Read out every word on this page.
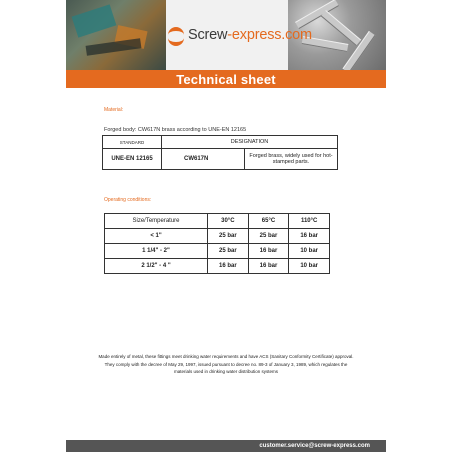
Screw-express.com
Technical sheet
Material:
Forged body: CW617N brass according to UNE-EN 12165
STANDARD	DESIGNATION	
UNE-EN 12165	CW617N	Forged brass, widely used for hot-stamped parts.
Operating conditions:
Size/Temperature	30°C	65°C	110°C
< 1"	25 bar	25 bar	16 bar
1 1/4" - 2"	25 bar	16 bar	10 bar
2 1/2" - 4 "	16 bar	16 bar	10 bar
Made entirely of metal, these fittings meet drinking water requirements and have ACS (Sanitary Conformity Certificate) approval.
They comply with the decree of May 29, 1997, issued pursuant to decree no. 89-3 of January 3, 1989, which regulates the
materials used in drinking water distribution systems
customer.service@screw-express.com
